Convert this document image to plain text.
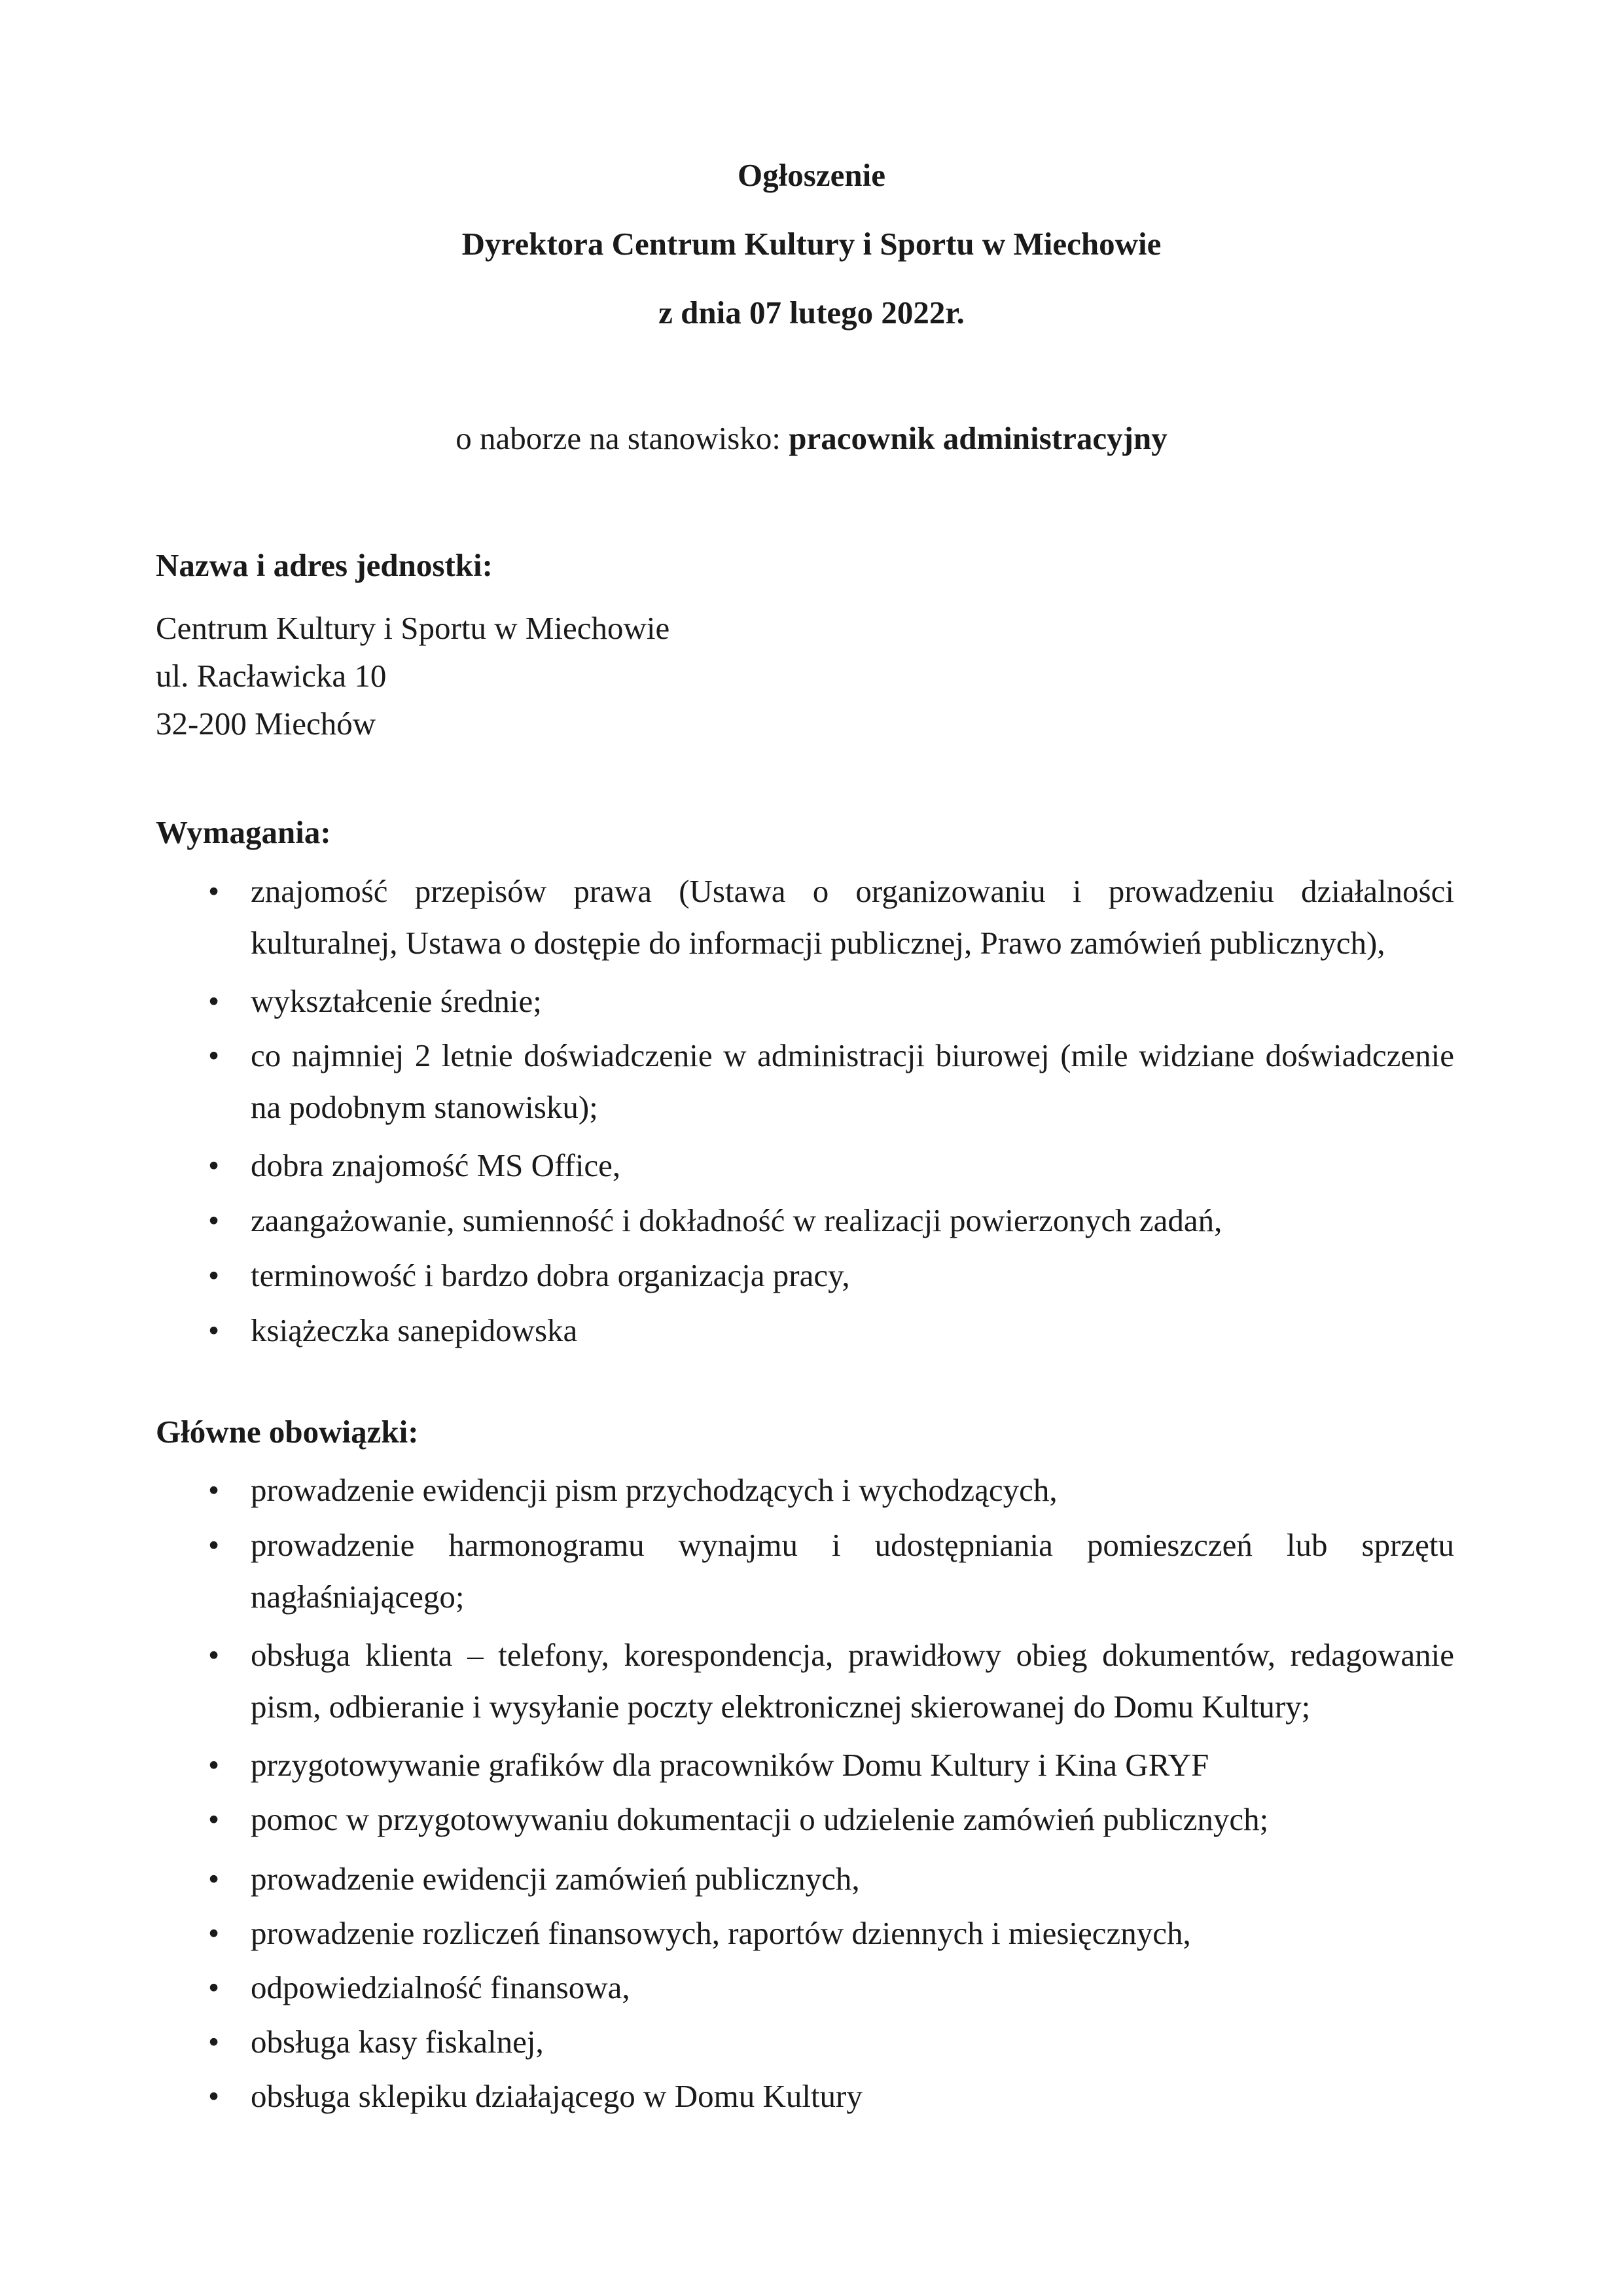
Ogłoszenie
Dyrektora Centrum Kultury i Sportu w Miechowie
z dnia 07 lutego 2022r.
o naborze na stanowisko: pracownik administracyjny
Nazwa i adres jednostki:
Centrum Kultury i Sportu w Miechowie
ul. Racławicka 10
32-200 Miechów
Wymagania:
• znajomość przepisów prawa (Ustawa o organizowaniu i prowadzeniu działalności kulturalnej, Ustawa o dostępie do informacji publicznej, Prawo zamówień publicznych),
• wykształcenie średnie;
• co najmniej 2 letnie doświadczenie w administracji biurowej (mile widziane doświadczenie na podobnym stanowisku);
• dobra znajomość MS Office,
• zaangażowanie, sumienność i dokładność w realizacji powierzonych zadań,
• terminowość i bardzo dobra organizacja pracy,
• książeczka sanepidowska
Główne obowiązki:
• prowadzenie ewidencji pism przychodzących i wychodzących,
• prowadzenie harmonogramu wynajmu i udostępniania pomieszczeń lub sprzętu nagłaśniającego;
• obsługa klienta – telefony, korespondencja, prawidłowy obieg dokumentów, redagowanie pism, odbieranie i wysyłanie poczty elektronicznej skierowanej do Domu Kultury;
• przygotowywanie grafików dla pracowników Domu Kultury i Kina GRYF
• pomoc w przygotowywaniu dokumentacji o udzielenie zamówień publicznych;
• prowadzenie ewidencji zamówień publicznych,
• prowadzenie rozliczeń finansowych, raportów dziennych i miesięcznych,
• odpowiedzialność finansowa,
• obsługa kasy fiskalnej,
• obsługa sklepiku działającego w Domu Kultury
